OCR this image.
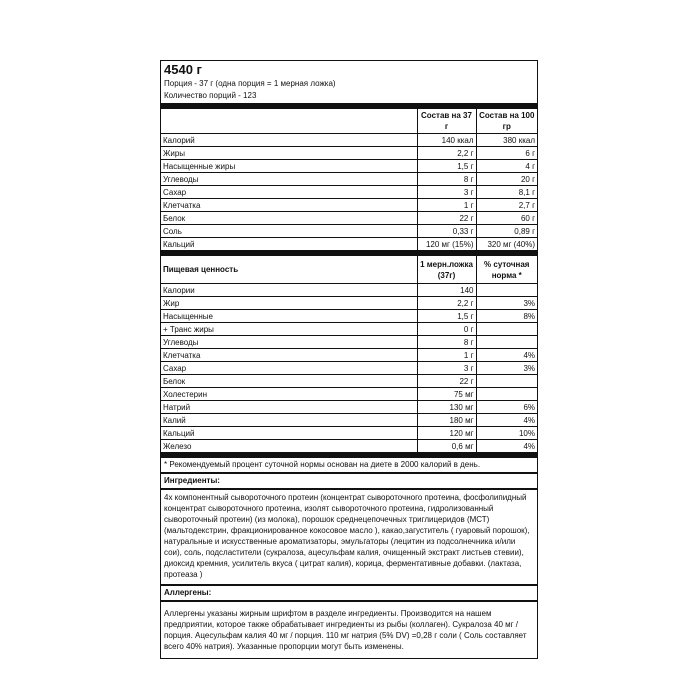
4540 г
Порция - 37 г (одна порция = 1 мерная ложка)
Количество порций - 123
	Состав на 37 г	Состав на 100 гр
Калорий	140 ккал	380 ккал
Жиры	2,2 г	6 г
Насыщенные жиры	1,5 г	4 г
Углеводы	8 г	20 г
Сахар	3 г	8,1 г
Клетчатка	1 г	2,7 г
Белок	22 г	60 г
Соль	0,33 г	0,89 г
Кальций	120 мг (15%)	320 мг (40%)
Пищевая ценность	1 мерн.ложка (37г)	% суточная норма *
Калории	140	
Жир	2,2 г	3%
Насыщенные	1,5 г	8%
+ Транс жиры	0 г	
Углеводы	8 г	
Клетчатка	1 г	4%
Сахар	3 г	3%
Белок	22 г	
Холестерин	75 мг	
Натрий	130 мг	6%
Калий	180 мг	4%
Кальций	120 мг	10%
Железо	0,6 мг	4%
* Рекомендуемый процент суточной нормы основан на диете в 2000 калорий в день.
Ингредиенты:
4х компонентный сывороточного протеин (концентрат сывороточного протеина, фосфолипидный концентрат сывороточного протеина, изолят сывороточного протеина, гидролизованный сывороточный протеин) (из молока), порошок среднецепочечных триглицеридов (МСТ) (мальтодекстрин, фракционированное кокосовое масло ), какао,загуститель ( гуаровый порошок), натуральные и искусственные ароматизаторы, эмульгаторы (лецитин из подсолнечника и/или сои), соль, подсластители (сукралоза, ацесульфам калия, очищенный экстракт листьев стевии), диоксид кремния, усилитель вкуса ( цитрат калия), корица, ферментативные добавки. (лактаза, протеаза )
Аллергены:
Аллергены указаны жирным шрифтом в разделе ингредиенты. Производится на нашем предприятии, которое также обрабатывает ингредиенты из рыбы (коллаген). Сукралоза 40 мг / порция. Ацесульфам калия 40 мг / порция. 110 мг натрия (5% DV) =0,28 г соли ( Соль составляет всего 40% натрия). Указанные пропорции могут быть изменены.
